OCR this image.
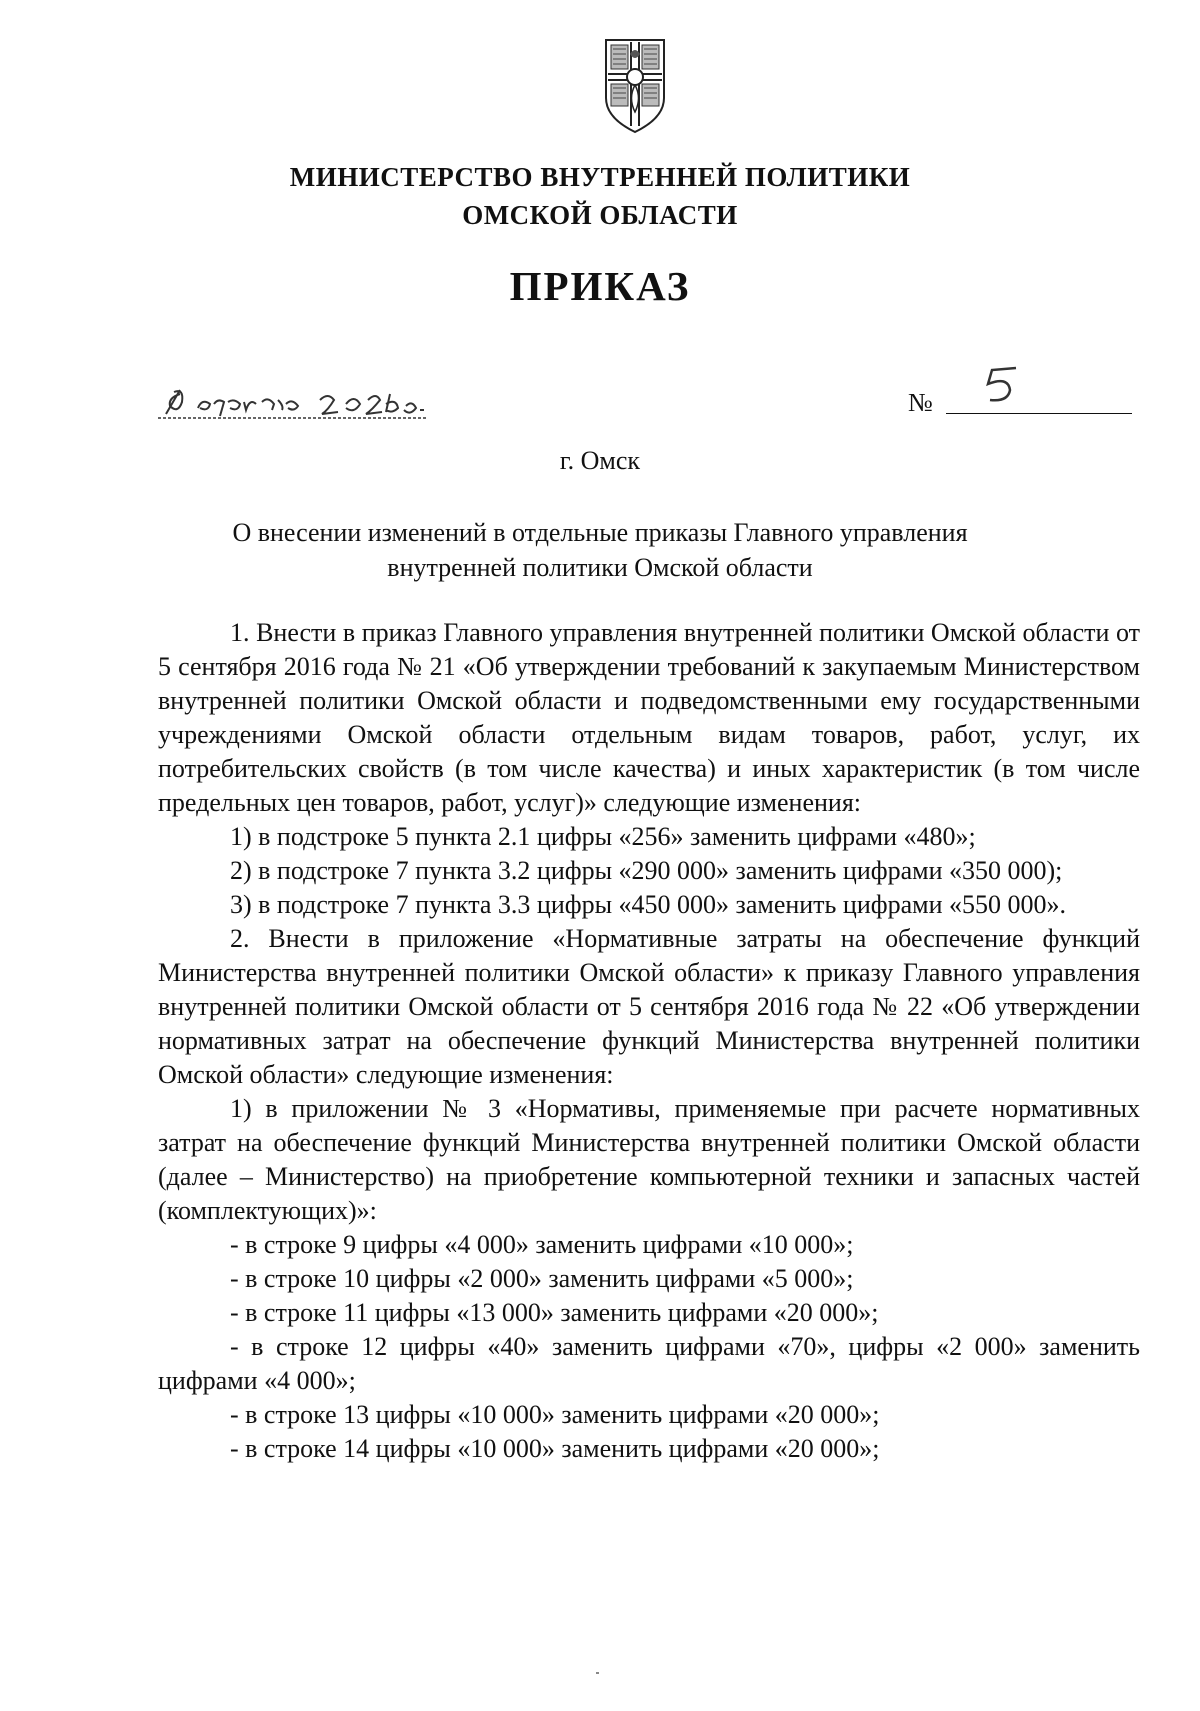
МИНИСТЕРСТВО ВНУТРЕННЕЙ ПОЛИТИКИ
ОМСКОЙ ОБЛАСТИ
ПРИКАЗ
№
г. Омск
О внесении изменений в отдельные приказы Главного управления внутренней политики Омской области

1. Внести в приказ Главного управления внутренней политики Омской области от 5 сентября 2016 года № 21 «Об утверждении требований к закупаемым Министерством внутренней политики Омской области и подведомственными ему государственными учреждениями Омской области отдельным видам товаров, работ, услуг, их потребительских свойств (в том числе качества) и иных характеристик (в том числе предельных цен товаров, работ, услуг)» следующие изменения:

1) в подстроке 5 пункта 2.1 цифры «256» заменить цифрами «480»;

2) в подстроке 7 пункта 3.2 цифры «290 000» заменить цифрами «350 000);

3) в подстроке 7 пункта 3.3 цифры «450 000» заменить цифрами «550 000».

2. Внести в приложение «Нормативные затраты на обеспечение функций Министерства внутренней политики Омской области» к приказу Главного управления внутренней политики Омской области от 5 сентября 2016 года № 22 «Об утверждении нормативных затрат на обеспечение функций Министерства внутренней политики Омской области» следующие изменения:

1) в приложении № 3 «Нормативы, применяемые при расчете нормативных затрат на обеспечение функций Министерства внутренней политики Омской области (далее – Министерство) на приобретение компьютерной техники и запасных частей (комплектующих)»:

- в строке 9 цифры «4 000» заменить цифрами «10 000»;

- в строке 10 цифры «2 000» заменить цифрами «5 000»;

- в строке 11 цифры «13 000» заменить цифрами «20 000»;

- в строке 12 цифры «40» заменить цифрами «70», цифры «2 000» заменить цифрами «4 000»;

- в строке 13 цифры «10 000» заменить цифрами «20 000»;

- в строке 14 цифры «10 000» заменить цифрами «20 000»;
